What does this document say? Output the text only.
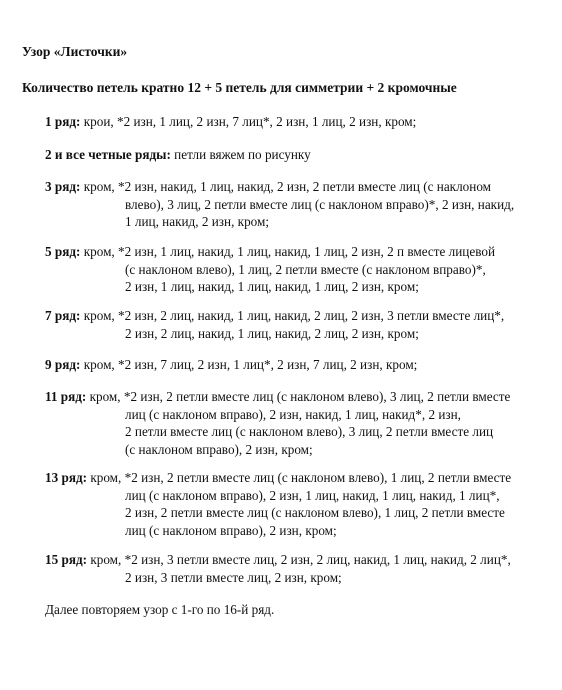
Узор «Листочки»
Количество петель кратно 12 + 5 петель для симметрии + 2 кромочные
1 ряд: крои, *2 изн, 1 лиц, 2 изн, 7 лиц*, 2 изн, 1 лиц, 2 изн, кром;
2 и все четные ряды: петли вяжем по рисунку
3 ряд: кром, *2 изн, накид, 1 лиц, накид, 2 изн, 2 петли вместе лиц (с наклоном
влево), 3 лиц, 2 петли вместе лиц (с наклоном вправо)*, 2 изн, накид,
1 лиц, накид, 2 изн, кром;
5 ряд: кром, *2 изн, 1 лиц, накид, 1 лиц, накид, 1 лиц, 2 изн, 2 п вместе лицевой
(с наклоном влево), 1 лиц, 2 петли вместе (с наклоном вправо)*,
2 изн, 1 лиц, накид, 1 лиц, накид, 1 лиц, 2 изн, кром;
7 ряд: кром, *2 изн, 2 лиц, накид, 1 лиц, накид, 2 лиц, 2 изн, 3 петли вместе лиц*,
2 изн, 2 лиц, накид, 1 лиц, накид, 2 лиц, 2 изн, кром;
9 ряд: кром, *2 изн, 7 лиц, 2 изн, 1 лиц*, 2 изн, 7 лиц, 2 изн, кром;
11 ряд: кром, *2 изн, 2 петли вместе лиц (с наклоном влево), 3 лиц, 2 петли вместе
лиц (с наклоном вправо), 2 изн, накид, 1 лиц, накид*, 2 изн,
2 петли вместе лиц (с наклоном влево), 3 лиц, 2 петли вместе лиц
(с наклоном вправо), 2 изн, кром;
13 ряд: кром, *2 изн, 2 петли вместе лиц (с наклоном влево), 1 лиц, 2 петли вместе
лиц (с наклоном вправо), 2 изн, 1 лиц, накид, 1 лиц, накид, 1 лиц*,
2 изн, 2 петли вместе лиц (с наклоном влево), 1 лиц, 2 петли вместе
лиц (с наклоном вправо), 2 изн, кром;
15 ряд: кром, *2 изн, 3 петли вместе лиц, 2 изн, 2 лиц, накид, 1 лиц, накид, 2 лиц*,
2 изн, 3 петли вместе лиц, 2 изн, кром;
Далее повторяем узор с 1-го по 16-й ряд.
